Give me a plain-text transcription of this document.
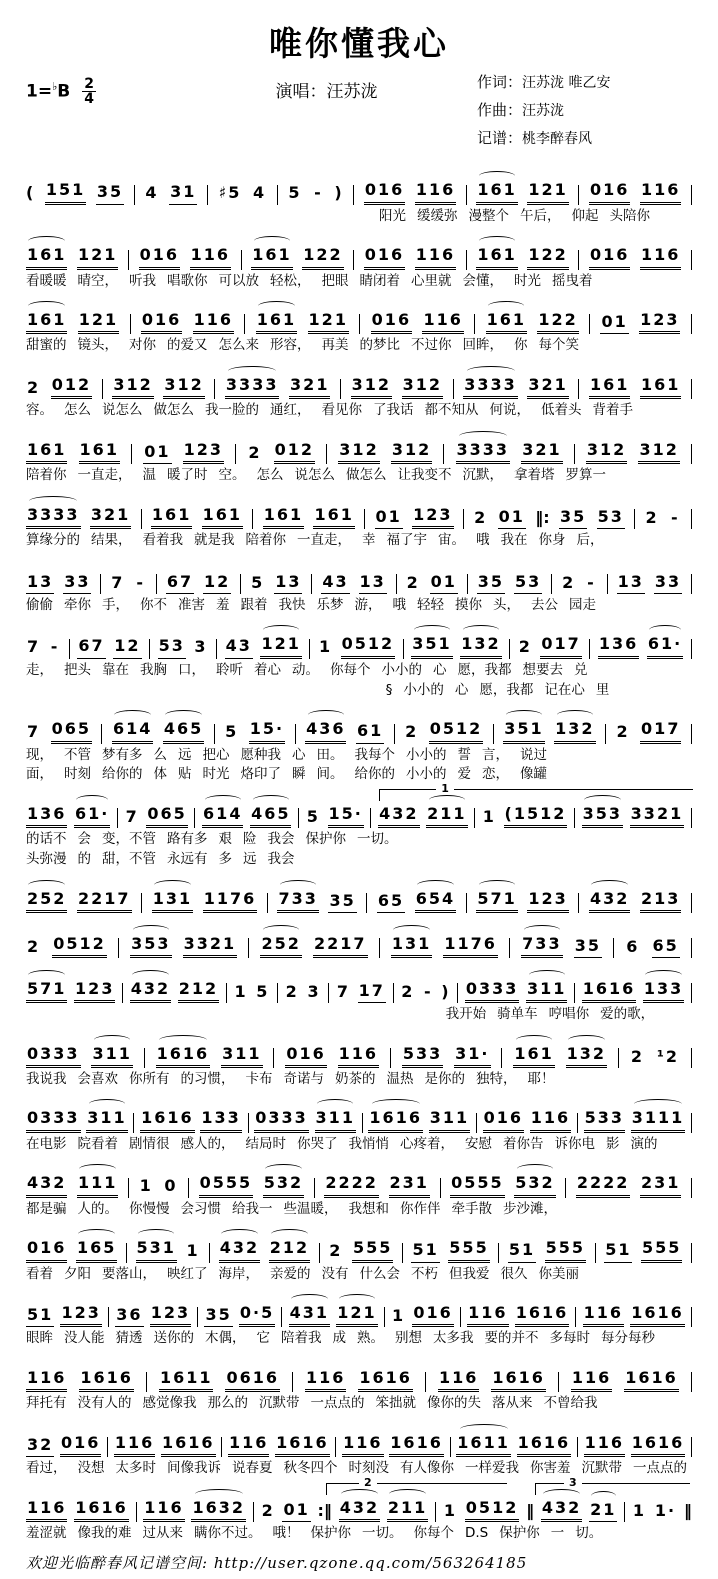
唯你懂我心
$1=^♭B \frac{2}{4}$	演唱：汪苏泷	作词：汪苏泷 唯乙安
作曲：汪苏泷
记谱：桃李醉春风
( 151 35 4 31 ♯5 4 5 - ) 016 116 161 121 016 116
阳光 缓缓弥 漫整个 午后， 仰起 头陪你
161 121 016 116 161 122 016 116 161 122 016 116
看暖暖 晴空， 听我 唱歌你 可以放 轻松， 把眼 睛闭着 心里就 会懂， 时光 摇曳着
161 121 016 116 161 121 016 116 161 122 01 123
甜蜜的 镜头， 对你 的爱又 怎么来 形容， 再美 的梦比 不过你 回眸， 你 每个笑
2 012 312 312 3333 321 312 312 3333 321 161 161
容。 怎么 说怎么 做怎么 我一脸的 通红， 看见你 了我话 都不知从 何说， 低着头 背着手
161 161 01 123 2 012 312 312 3333 321 312 312
陪着你 一直走， 温 暖了时 空。 怎么 说怎么 做怎么 让我变不 沉默， 拿着塔 罗算一
3333 321 161 161 161 161 01 123 2 01 ‖: 35 53 2 -
算缘分的 结果， 看着我 就是我 陪着你 一直走， 幸 福了宇 宙。 哦 我在 你身 后，
13 33 7 - 67 12 5 13 43 13 2 01 35 53 2 - 13 33
偷偷 牵你 手， 你不 准害 羞 跟着 我快 乐梦 游， 哦 轻轻 摸你 头， 去公 园走
7 - 67 12 53 3 43 121 1 0512 351 132 2 017 136 61·
走， 把头 靠在 我胸 口， 聆听 着心 动。 你每个 小小的 心 愿，我都 想要去 兑
§ 小小的 心 愿，我都 记在心 里
7 065 614 465 5 15· 436 61 2 0512 351 132 2 017
现， 不管 梦有多 么 远 把心 愿种我 心 田。 我每个 小小的 誓 言， 说过
面， 时刻 给你的 体 贴 时光 烙印了 瞬 间。 给你的 小小的 爱 恋， 像罐
1
136 61· 7 065 614 465 5 15· 432 211 1 (1512 353 3321
的话不 会 变，不管 路有多 艰 险 我会 保护你 一切。
头弥漫 的 甜，不管 永远有 多 远 我会
252 2217 131 1176 733 35 65 654 571 123 432 213
2 0512 353 3321 252 2217 131 1176 733 35 6 65
571 123 432 212 1 5 2 3 7 17 2 - ) 0333 311 1616 133
我开始 骑单车 哼唱你 爱的歌，
0333 311 1616 311 016 116 533 31· 161 132 2 ¹2
我说我 会喜欢 你所有 的习惯， 卡布 奇诺与 奶茶的 温热 是你的 独特， 耶！
0333 311 1616 133 0333 311 1616 311 016 116 533 3111
在电影 院看着 剧情很 感人的， 结局时 你哭了 我悄悄 心疼着， 安慰 着你告 诉你电 影 演的
432 111 1 0 0555 532 2222 231 0555 532 2222 231
都是骗 人的。 你慢慢 会习惯 给我一 些温暖， 我想和 你作伴 牵手散 步沙滩，
016 165 531 1 432 212 2 555 51 555 51 555 51 555
看着 夕阳 要落山， 映红了 海岸， 亲爱的 没有 什么会 不朽 但我爱 很久 你美丽
51 123 36 123 35 0·5 431 121 1 016 116 1616 116 1616
眼眸 没人能 猜透 送你的 木偶， 它 陪着我 成 熟。 别想 太多我 要的并不 多每时 每分每秒
116 1616 1611 0616 116 1616 116 1616 116 1616
拜托有 没有人的 感觉像我 那么的 沉默带 一点点的 笨拙就 像你的失 落从来 不曾给我
32 016 116 1616 116 1616 116 1616 1611 1616 116 1616
看过， 没想 太多时 间像我诉 说春夏 秋冬四个 时刻没 有人像你 一样爱我 你害羞 沉默带 一点点的
2	3
116 1616 116 1632 2 01 :‖ 432 211 1 0512 ‖ 432 21 1 1· ‖
羞涩就 像我的难 过从来 瞒你不过。 哦！ 保护你 一切。 你每个 D.S 保护你 一 切。
欢迎光临醉春风记谱空间: http://user.qzone.qq.com/563264185
